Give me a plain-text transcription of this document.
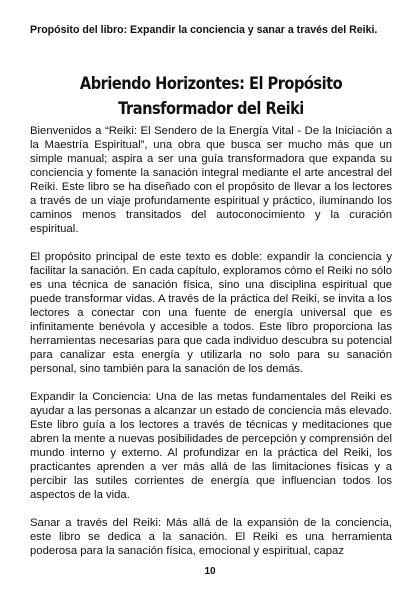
Propósito del libro: Expandir la conciencia y sanar a través del Reiki.
Abriendo Horizontes: El Propósito Transformador del Reiki

Bienvenidos a “Reiki: El Sendero de la Energía Vital - De la Iniciación a la Maestría Espiritual”, una obra que busca ser mucho más que un simple manual; aspira a ser una guía transformadora que expanda su conciencia y fomente la sanación integral mediante el arte ancestral del Reiki. Este libro se ha diseñado con el propósito de llevar a los lectores a través de un viaje profundamente espiritual y práctico, iluminando los caminos menos transitados del autoconocimiento y la curación espiritual.

El propósito principal de este texto es doble: expandir la conciencia y facilitar la sanación. En cada capítulo, exploramos cómo el Reiki no sólo es una técnica de sanación física, sino una disciplina espiritual que puede transformar vidas. A través de la práctica del Reiki, se invita a los lectores a conectar con una fuente de energía universal que es infinitamente benévola y accesible a todos. Este libro proporciona las herramientas necesarias para que cada individuo descubra su potencial para canalizar esta energía y utilizarla no solo para su sanación personal, sino también para la sanación de los demás.

Expandir la Conciencia: Una de las metas fundamentales del Reiki es ayudar a las personas a alcanzar un estado de conciencia más elevado. Este libro guía a los lectores a través de técnicas y meditaciones que abren la mente a nuevas posibilidades de percepción y comprensión del mundo interno y externo. Al profundizar en la práctica del Reiki, los practicantes aprenden a ver más allá de las limitaciones físicas y a percibir las sutiles corrientes de energía que influencian todos los aspectos de la vida.

Sanar a través del Reiki: Más allá de la expansión de la conciencia, este libro se dedica a la sanación. El Reiki es una herramienta poderosa para la sanación física, emocional y espiritual, capaz

10
